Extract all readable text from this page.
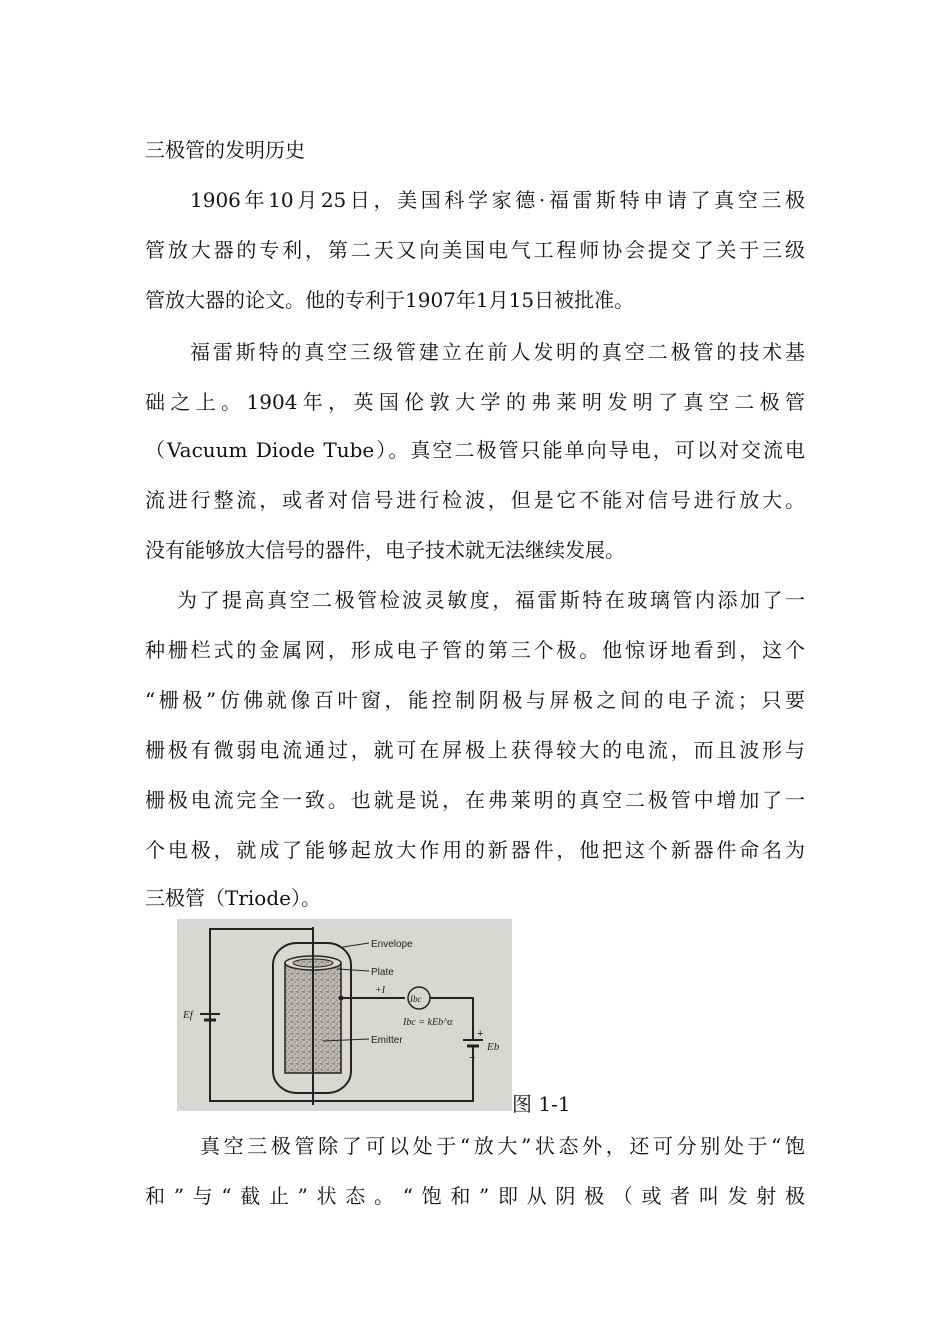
三极管的发明历史
1906年10月25日，美国科学家德·福雷斯特申请了真空三极
管放大器的专利，第二天又向美国电气工程师协会提交了关于三级
管放大器的论文。他的专利于1907年1月15日被批准。
福雷斯特的真空三级管建立在前人发明的真空二极管的技术基
础之上。1904年，英国伦敦大学的弗莱明发明了真空二极管
（Vacuum Diode Tube）。真空二极管只能单向导电，可以对交流电
流进行整流，或者对信号进行检波，但是它不能对信号进行放大。
没有能够放大信号的器件，电子技术就无法继续发展。
为了提高真空二极管检波灵敏度，福雷斯特在玻璃管内添加了一
种栅栏式的金属网，形成电子管的第三个极。他惊讶地看到，这个
“栅极”仿佛就像百叶窗，能控制阴极与屏极之间的电子流；只要
栅极有微弱电流通过，就可在屏极上获得较大的电流，而且波形与
栅极电流完全一致。也就是说，在弗莱明的真空二极管中增加了一
个电极，就成了能够起放大作用的新器件，他把这个新器件命名为
三极管（Triode）。
Envelope
Plate
Emitter
+I
Ibc
Ibc = kEb^α
Ef
Eb
+
−
图 1-1
真空三极管除了可以处于“放大”状态外，还可分别处于“饱
和”与“截止”状态。“饱和”即从阴极（或者叫发射极
